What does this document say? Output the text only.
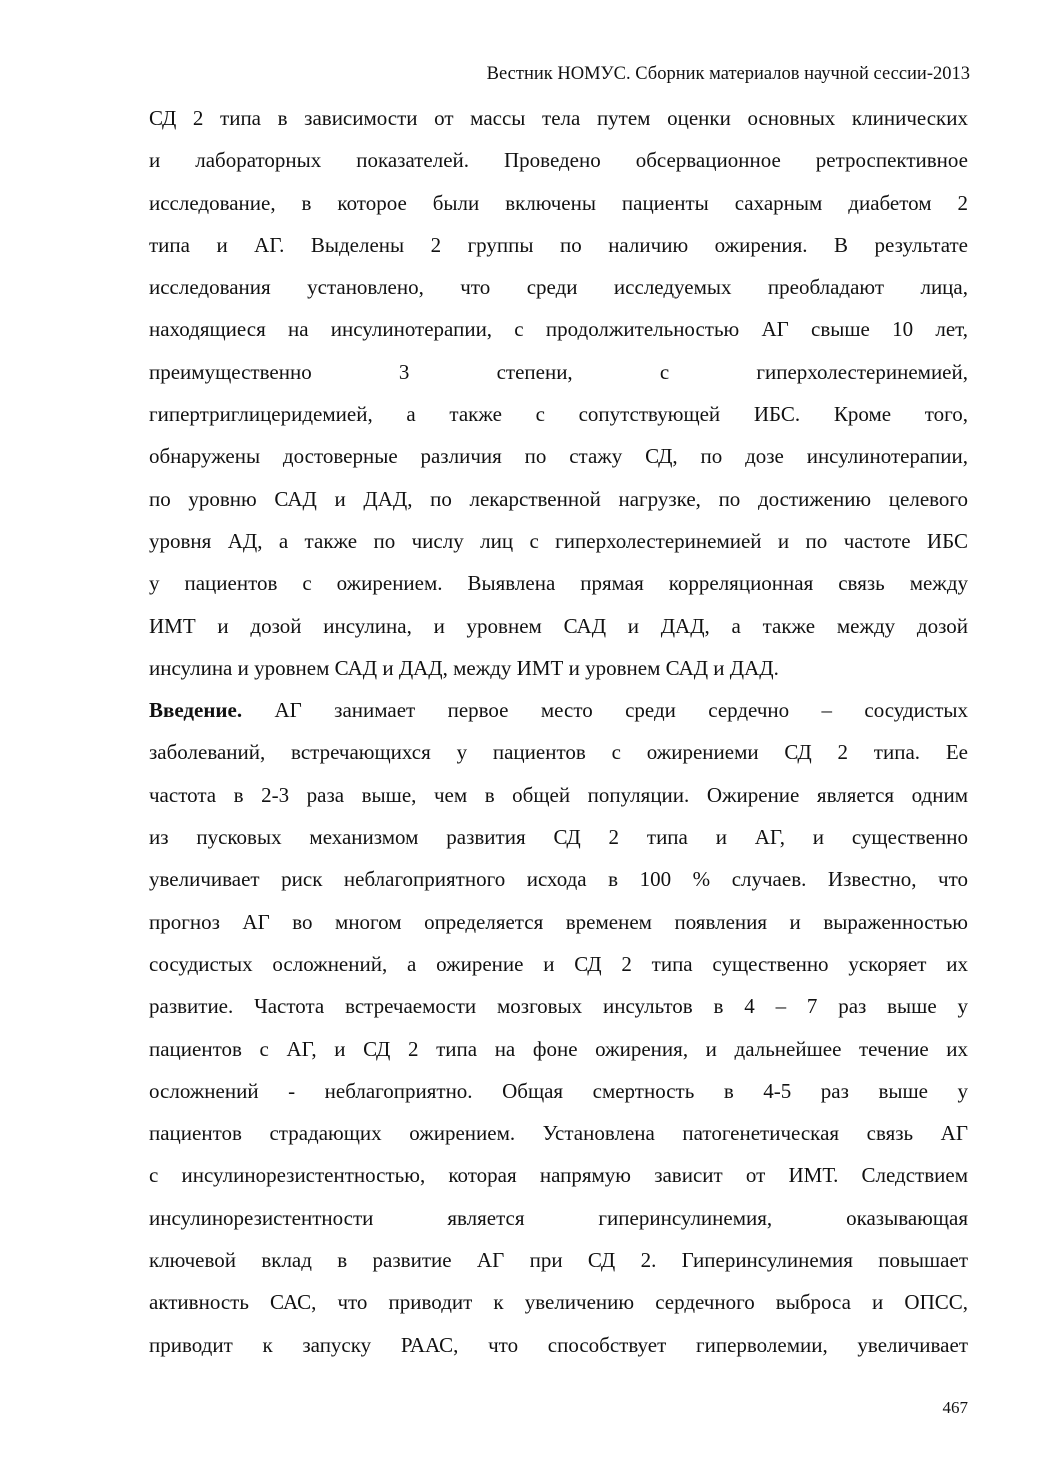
Вестник НОМУС. Сборник материалов научной сессии-2013
СД 2 типа в зависимости от массы тела путем оценки основных клинических
и лабораторных показателей. Проведено обсервационное ретроспективное
исследование, в которое были включены пациенты сахарным диабетом 2
типа и АГ. Выделены 2 группы по наличию ожирения. В результате
исследования установлено, что среди исследуемых преобладают лица,
находящиеся на инсулинотерапии, с продолжительностью АГ свыше 10 лет,
преимущественно 3 степени, с гиперхолестеринемией,
гипертриглицеридемией, а также с сопутствующей ИБС. Кроме того,
обнаружены достоверные различия по стажу СД, по дозе инсулинотерапии,
по уровню САД и ДАД, по лекарственной нагрузке, по достижению целевого
уровня АД, а также по числу лиц с гиперхолестеринемией и по частоте ИБС
у пациентов с ожирением. Выявлена прямая корреляционная связь между
ИМТ и дозой инсулина, и уровнем САД и ДАД, а также между дозой
инсулина и уровнем САД и ДАД, между ИМТ и уровнем САД и ДАД.
Введение. АГ занимает первое место среди сердечно – сосудистых
заболеваний, встречающихся у пациентов с ожирениеми СД 2 типа. Ее
частота в 2-3 раза выше, чем в общей популяции. Ожирение является одним
из пусковых механизмом развития СД 2 типа и АГ, и существенно
увеличивает риск неблагоприятного исхода в 100 % случаев. Известно, что
прогноз АГ во многом определяется временем появления и выраженностью
сосудистых осложнений, а ожирение и СД 2 типа существенно ускоряет их
развитие. Частота встречаемости мозговых инсультов в 4 – 7 раз выше у
пациентов с АГ, и СД 2 типа на фоне ожирения, и дальнейшее течение их
осложнений - неблагоприятно. Общая смертность в 4-5 раз выше у
пациентов страдающих ожирением. Установлена патогенетическая связь АГ
с инсулинорезистентностью, которая напрямую зависит от ИМТ. Следствием
инсулинорезистентности является гиперинсулинемия, оказывающая
ключевой вклад в развитие АГ при СД 2. Гиперинсулинемия повышает
активность САС, что приводит к увеличению сердечного выброса и ОПСС,
приводит к запуску РААС, что способствует гиперволемии, увеличивает
467
